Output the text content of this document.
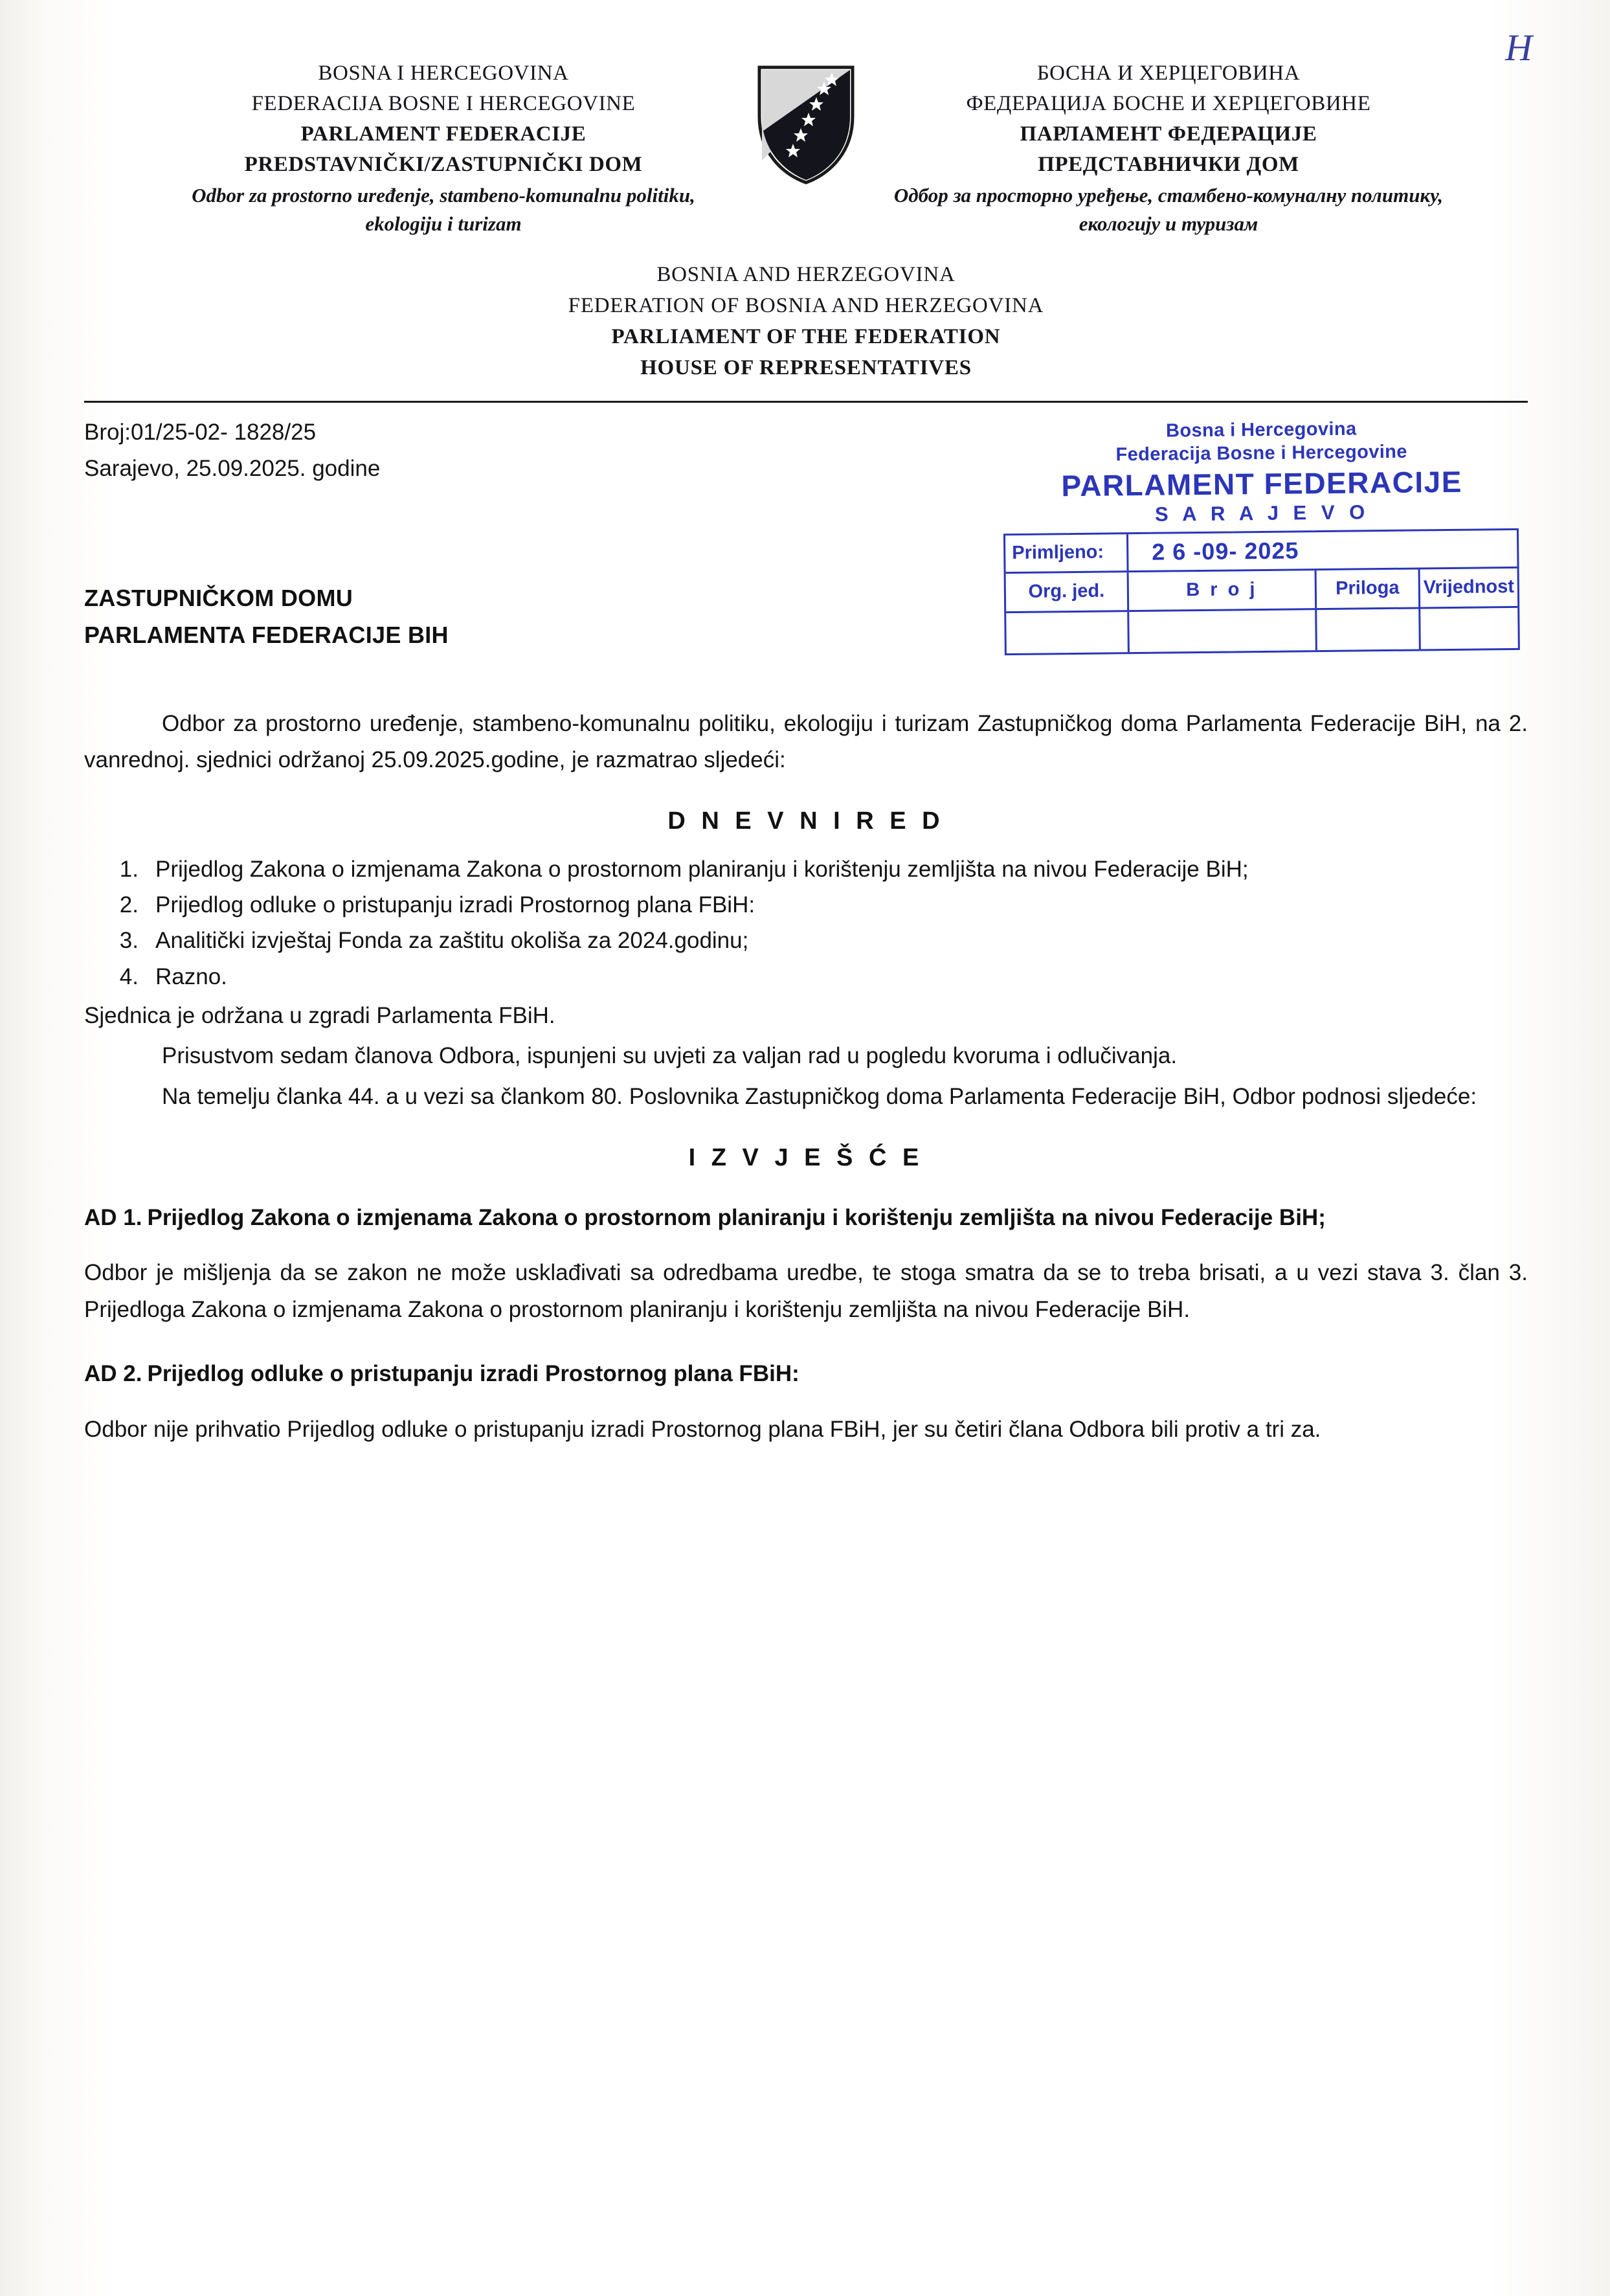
H
BOSNA I HERCEGOVINA
FEDERACIJA BOSNE I HERCEGOVINE
PARLAMENT FEDERACIJE
PREDSTAVNIČKI/ZASTUPNIČKI DOM
Odbor za prostorno uređenje, stambeno-komunalnu politiku, ekologiju i turizam
БОСНА И ХЕРЦЕГОВИНА
ФЕДЕРАЦИЈА БОСНЕ И ХЕРЦЕГОВИНЕ
ПАРЛАМЕНТ ФЕДЕРАЦИЈЕ
ПРЕДСТАВНИЧКИ ДОМ
Одбор за просторно уређење, стамбено-комуналну политику, екологију и туризам
BOSNIA AND HERZEGOVINA
FEDERATION OF BOSNIA AND HERZEGOVINA
PARLIAMENT OF THE FEDERATION
HOUSE OF REPRESENTATIVES
Broj:01/25-02- 1828/25
Sarajevo, 25.09.2025. godine
ZASTUPNIČKOM DOMU
PARLAMENTA FEDERACIJE BIH
Bosna i Hercegovina
Federacija Bosne i Hercegovine
PARLAMENT FEDERACIJE
S A R A J E V O
Primljeno:	2 6 -09- 2025
Org. jed.	B r o j	Priloga	Vrijednost
Odbor za prostorno uređenje, stambeno-komunalnu politiku, ekologiju i turizam Zastupničkog doma Parlamenta Federacije BiH, na 2. vanrednoj. sjednici održanoj 25.09.2025.godine, je razmatrao sljedeći:
D N E V N I R E D
1. Prijedlog Zakona o izmjenama Zakona o prostornom planiranju i korištenju zemljišta na nivou Federacije BiH;
2. Prijedlog odluke o pristupanju izradi Prostornog plana FBiH:
3. Analitički izvještaj Fonda za zaštitu okoliša za 2024.godinu;
4. Razno.
Sjednica je održana u zgradi Parlamenta FBiH.
Prisustvom sedam članova Odbora, ispunjeni su uvjeti za valjan rad u pogledu kvoruma i odlučivanja.
Na temelju članka 44. a u vezi sa člankom 80. Poslovnika Zastupničkog doma Parlamenta Federacije BiH, Odbor podnosi sljedeće:
I Z V J E Š Ć E
AD 1. Prijedlog Zakona o izmjenama Zakona o prostornom planiranju i korištenju zemljišta na nivou Federacije BiH;
Odbor je mišljenja da se zakon ne može usklađivati sa odredbama uredbe, te stoga smatra da se to treba brisati, a u vezi stava 3. član 3. Prijedloga Zakona o izmjenama Zakona o prostornom planiranju i korištenju zemljišta na nivou Federacije BiH.
AD 2. Prijedlog odluke o pristupanju izradi Prostornog plana FBiH:
Odbor nije prihvatio Prijedlog odluke o pristupanju izradi Prostornog plana FBiH, jer su četiri člana Odbora bili protiv a tri za.
